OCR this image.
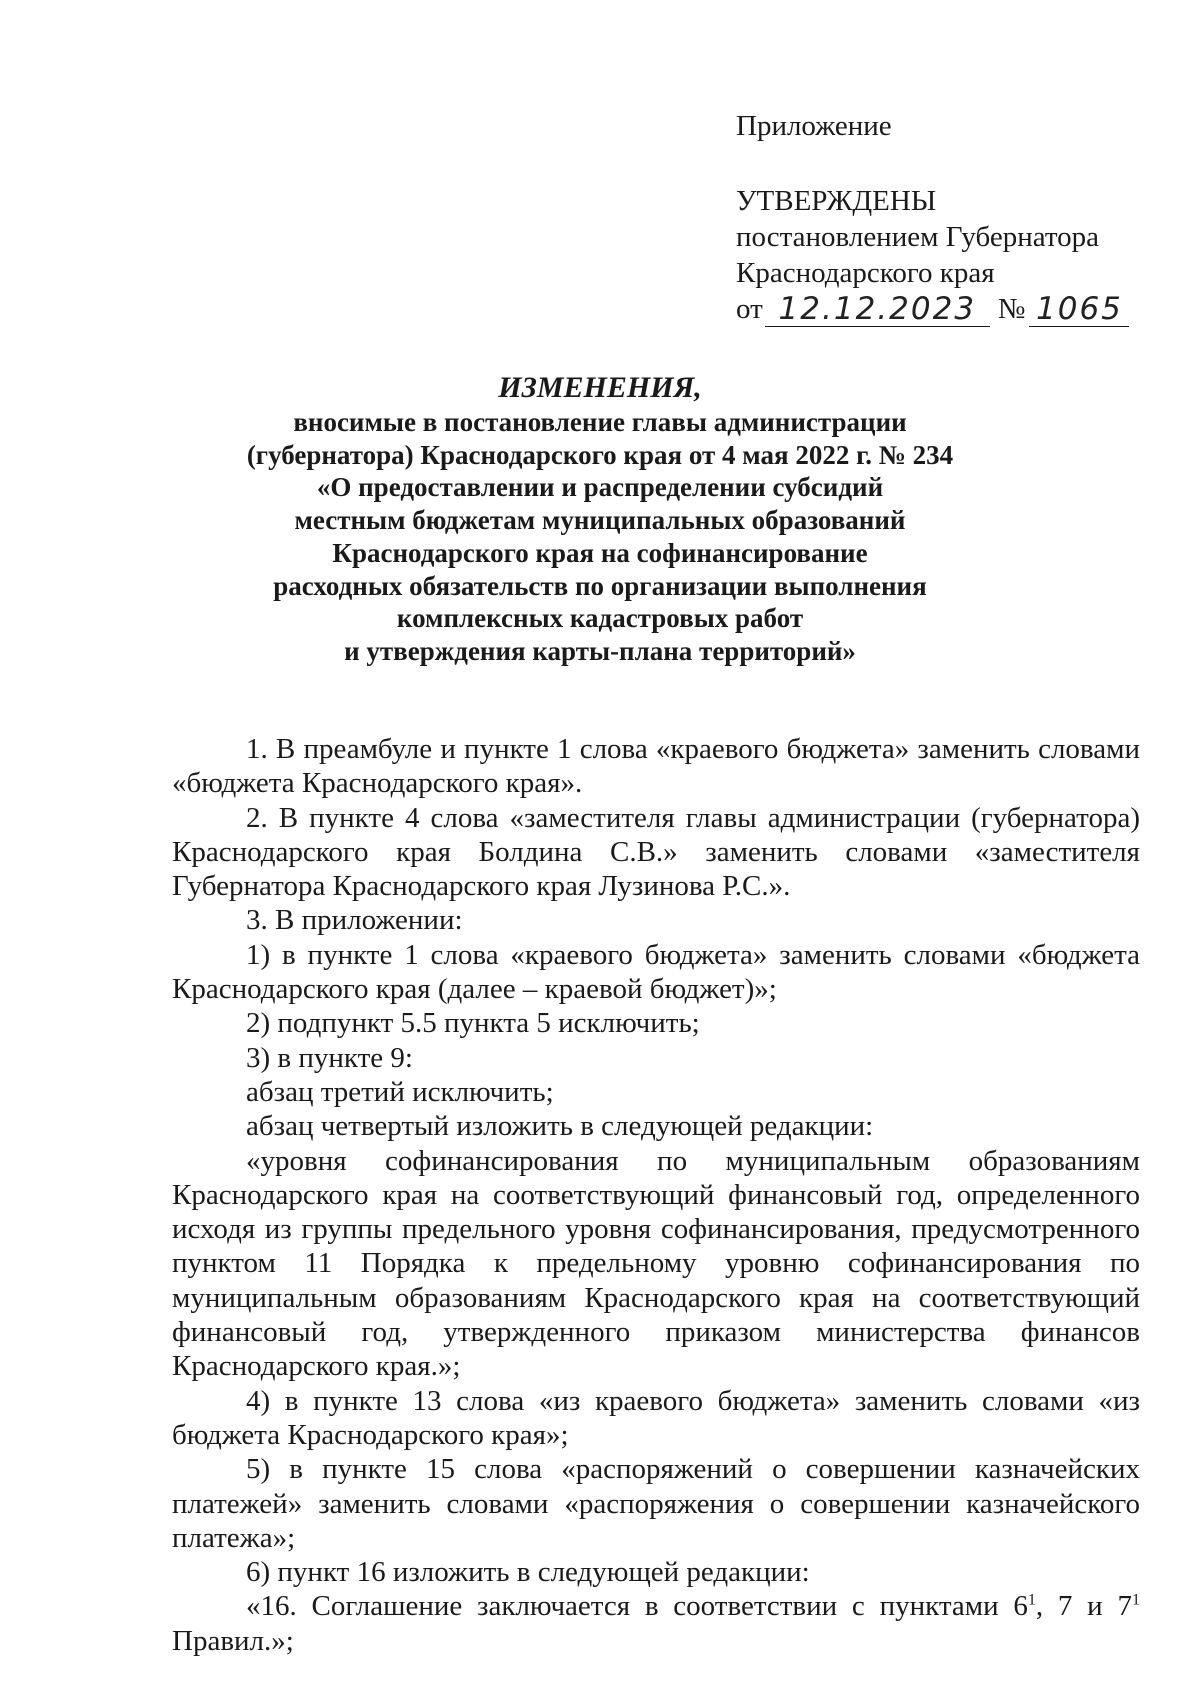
Приложение
УТВЕРЖДЕНЫ
постановлением Губернатора
Краснодарского края
от 12.12.2023 № 1065
ИЗМЕНЕНИЯ,
вносимые в постановление главы администрации
(губернатора) Краснодарского края от 4 мая 2022 г. № 234
«О предоставлении и распределении субсидий
местным бюджетам муниципальных образований
Краснодарского края на софинансирование
расходных обязательств по организации выполнения
комплексных кадастровых работ
и утверждения карты-плана территорий»

1. В преамбуле и пункте 1 слова «краевого бюджета» заменить словами «бюджета Краснодарского края».

2. В пункте 4 слова «заместителя главы администрации (губернатора) Краснодарского края Болдина С.В.» заменить словами «заместителя Губернатора Краснодарского края Лузинова Р.С.».

3. В приложении:

1) в пункте 1 слова «краевого бюджета» заменить словами «бюджета Краснодарского края (далее – краевой бюджет)»;

2) подпункт 5.5 пункта 5 исключить;

3) в пункте 9:

абзац третий исключить;

абзац четвертый изложить в следующей редакции:

«уровня софинансирования по муниципальным образованиям Краснодарского края на соответствующий финансовый год, определенного исходя из группы предельного уровня софинансирования, предусмотренного пунктом 11 Порядка к предельному уровню софинансирования по муниципальным образованиям Краснодарского края на соответствующий финансовый год, утвержденного приказом министерства финансов Краснодарского края.»;

4) в пункте 13 слова «из краевого бюджета» заменить словами «из бюджета Краснодарского края»;

5) в пункте 15 слова «распоряжений о совершении казначейских платежей» заменить словами «распоряжения о совершении казначейского платежа»;

6) пункт 16 изложить в следующей редакции:

«16. Соглашение заключается в соответствии с пунктами $6^1$, 7 и $7^1$ Правил.»;
